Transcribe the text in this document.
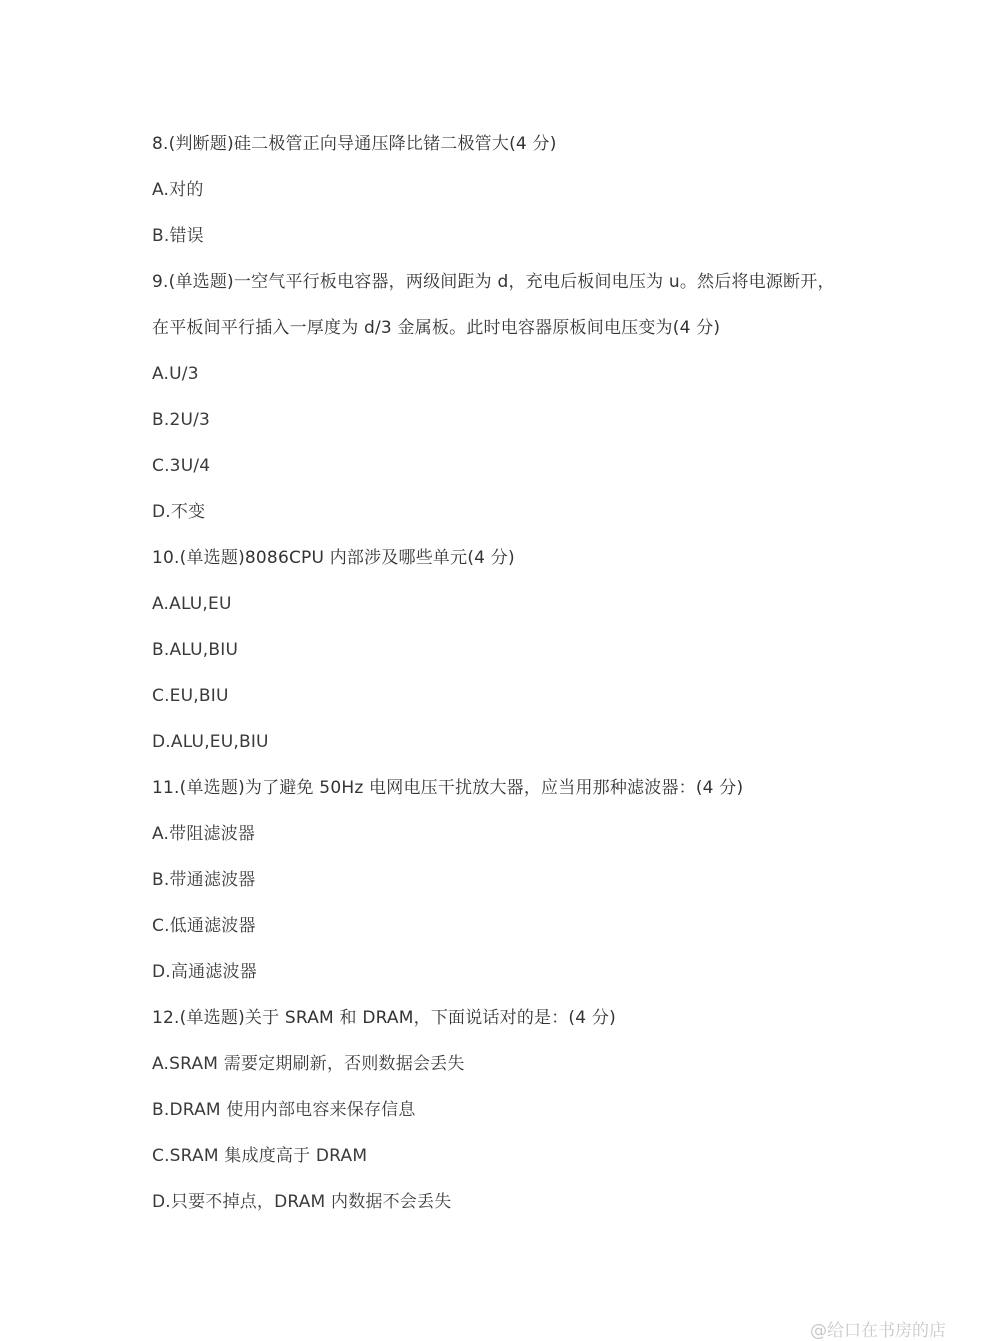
8.(判断题)硅二极管正向导通压降比锗二极管大(4 分)
A.对的
B.错误
9.(单选题)一空气平行板电容器，两级间距为 d，充电后板间电压为 u。然后将电源断开，
在平板间平行插入一厚度为 d/3 金属板。此时电容器原板间电压变为(4 分)
A.U/3
B.2U/3
C.3U/4
D.不变
10.(单选题)8086CPU 内部涉及哪些单元(4 分)
A.ALU,EU
B.ALU,BIU
C.EU,BIU
D.ALU,EU,BIU
11.(单选题)为了避免 50Hz 电网电压干扰放大器，应当用那种滤波器：(4 分)
A.带阻滤波器
B.带通滤波器
C.低通滤波器
D.高通滤波器
12.(单选题)关于 SRAM 和 DRAM，下面说话对的是：(4 分)
A.SRAM 需要定期刷新，否则数据会丢失
B.DRAM 使用内部电容来保存信息
C.SRAM 集成度高于 DRAM
D.只要不掉点，DRAM 内数据不会丢失
@给口在书房的店
